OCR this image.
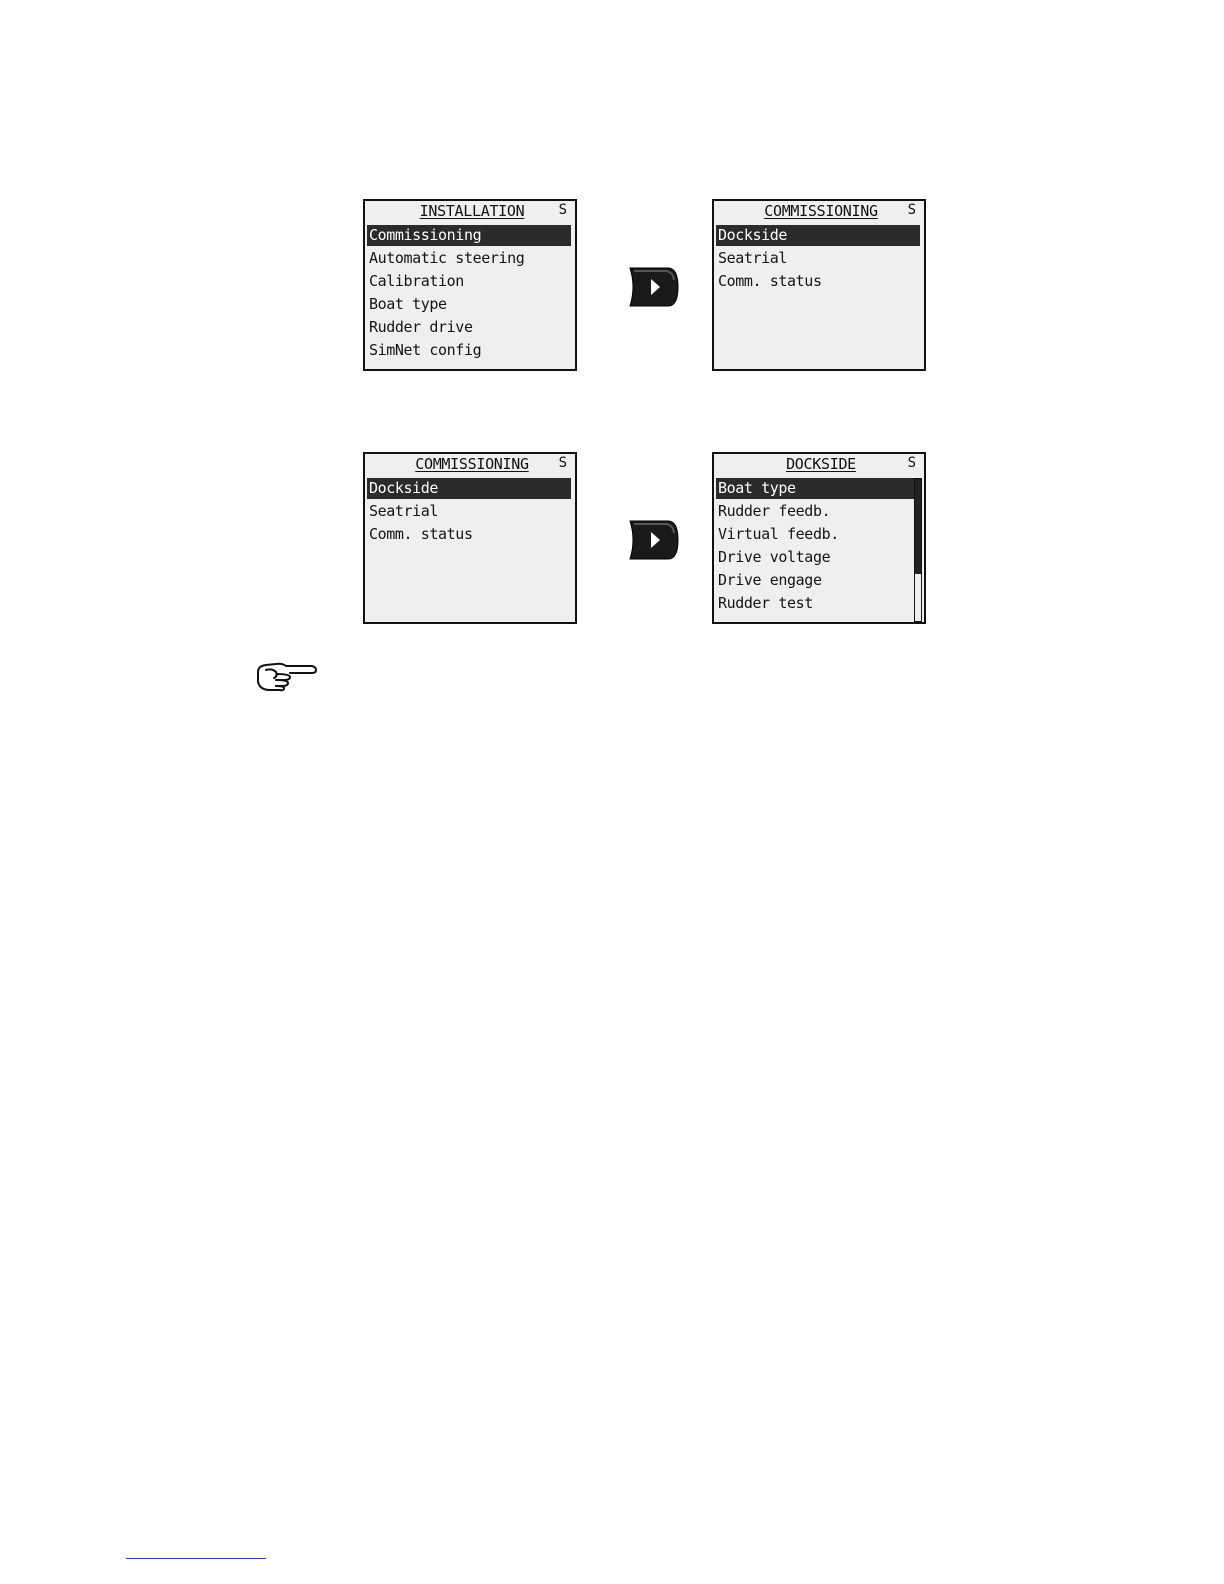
INSTALLATION	S
Commissioning
Automatic steering
Calibration
Boat type
Rudder drive
SimNet config
COMMISSIONING	S
Dockside
Seatrial
Comm. status
COMMISSIONING	S
Dockside
Seatrial
Comm. status
DOCKSIDE	S
Boat type
Rudder feedb.
Virtual feedb.
Drive voltage
Drive engage
Rudder test
